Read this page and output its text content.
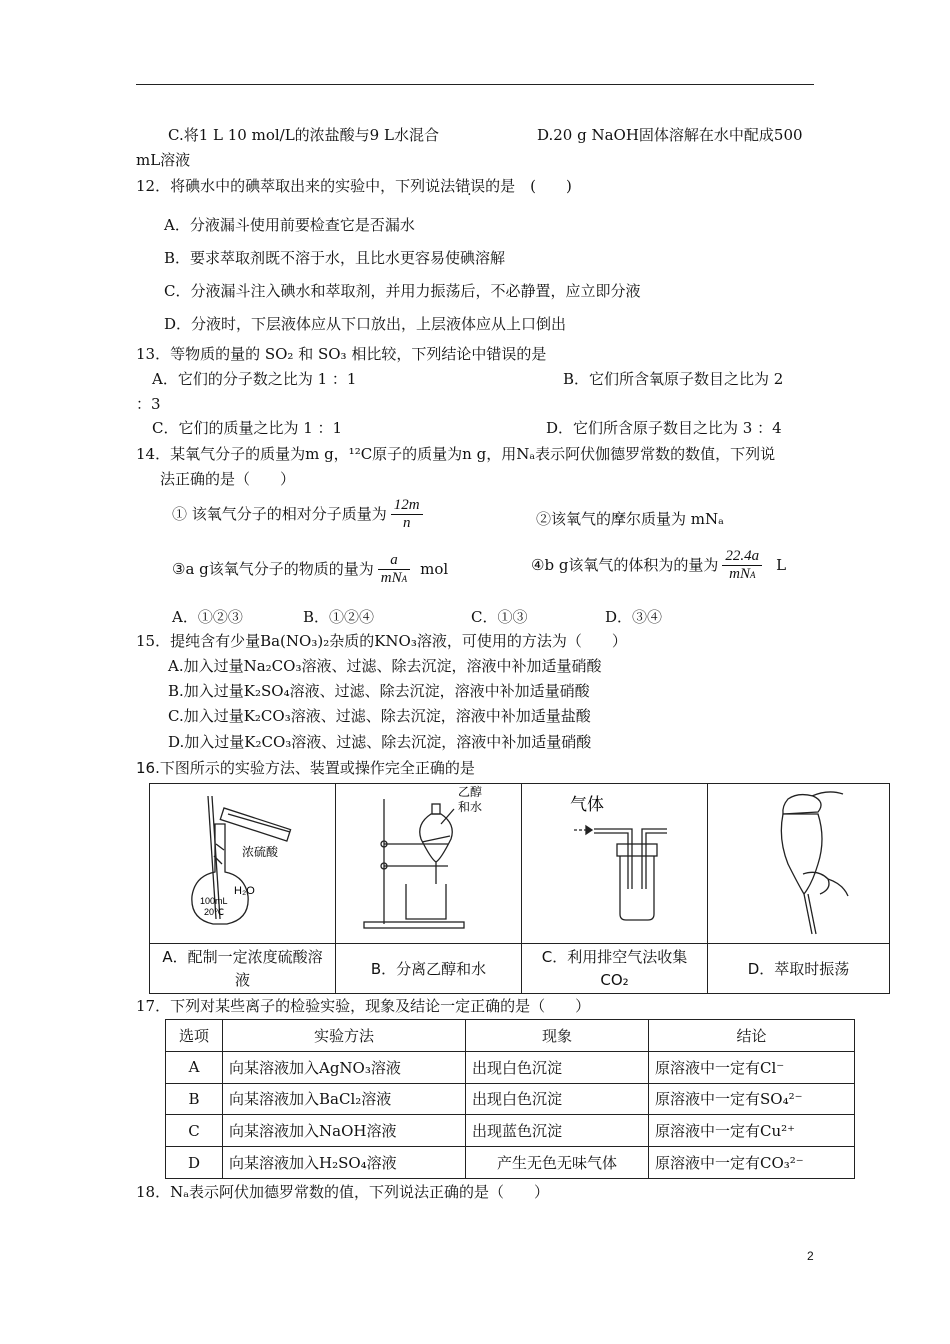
C.将1 L 10 mol/L的浓盐酸与9 L水混合	D.20 g NaOH固体溶解在水中配成500
mL溶液
12．将碘水中的碘萃取出来的实验中，下列说法错误的是　(　　)
A．分液漏斗使用前要检查它是否漏水
B．要求萃取剂既不溶于水，且比水更容易使碘溶解
C．分液漏斗注入碘水和萃取剂，并用力振荡后，不必静置，应立即分液
D．分液时，下层液体应从下口放出，上层液体应从上口倒出
13．等物质的量的 SO₂ 和 SO₃ 相比较，下列结论中错误的是
A．它们的分子数之比为 1 ：1	B．它们所含氧原子数目之比为 2
：3
C．它们的质量之比为 1 ：1	D．它们所含原子数目之比为 3 ：4
14．某氧气分子的质量为m g，¹²C原子的质量为n g，用Nₐ表示阿伏伽德罗常数的数值，下列说
法正确的是（　　）
① 该氧气分子的相对分子质量为 $\frac{12m}{n}$	②该氧气的摩尔质量为 mNₐ
③a g该氧气分子的物质的量为 $\frac{a}{\text{mNA}}$ mol	④b g该氧气的体积为的量为 $\frac{22.4a}{\text{mNA}}$ L
A．①②③	B．①②④	C．①③	D．③④
15．提纯含有少量Ba(NO₃)₂杂质的KNO₃溶液，可使用的方法为（　　）
A.加入过量Na₂CO₃溶液、过滤、除去沉淀，溶液中补加适量硝酸
B.加入过量K₂SO₄溶液、过滤、除去沉淀，溶液中补加适量硝酸
C.加入过量K₂CO₃溶液、过滤、除去沉淀，溶液中补加适量盐酸
D.加入过量K₂CO₃溶液、过滤、除去沉淀，溶液中补加适量硝酸
16.下图所示的实验方法、装置或操作完全正确的是
浓硫酸
H₂O
100mL
20℃	乙醇
和水	气体

A．配制一定浓度硫酸溶液	B．分离乙醇和水	C．利用排空气法收集CO₂	D．萃取时振荡
17．下列对某些离子的检验实验，现象及结论一定正确的是（　　）
选项	实验方法	现象	结论
A	向某溶液加入AgNO₃溶液	出现白色沉淀	原溶液中一定有Cl⁻
B	向某溶液加入BaCl₂溶液	出现白色沉淀	原溶液中一定有SO₄²⁻
C	向某溶液加入NaOH溶液	出现蓝色沉淀	原溶液中一定有Cu²⁺
D	向某溶液加入H₂SO₄溶液	产生无色无味气体	原溶液中一定有CO₃²⁻
18．Nₐ表示阿伏加德罗常数的值，下列说法正确的是（　　）
2
